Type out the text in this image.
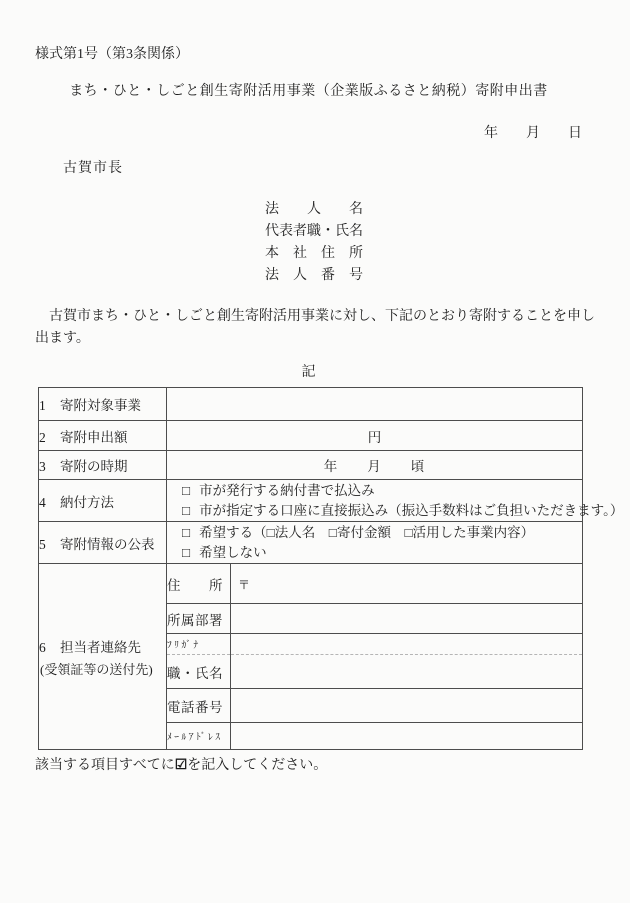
様式第1号（第3条関係）
まち・ひと・しごと創生寄附活用事業（企業版ふるさと納税）寄附申出書
年　　月　　日
古賀市長
法　　人　　名
代表者職・氏名
本　社　住　所
法　人　番　号

　古賀市まち・ひと・しごと創生寄附活用事業に対し、下記のとおり寄附することを申し出ます。

記
1 寄附対象事業		
2 寄附申出額	円	
3 寄附の時期	年　　月　　頃	
4 納付方法	□ 市が発行する納付書で払込み
□ 市が指定する口座に直接振込み（振込手数料はご負担いただきます。）	

5 寄附情報の公表	□ 希望する（□法人名　□寄付金額　□活用した事業内容）
□ 希望しない	

6 担当者連絡先
(受領証等の送付先)	住　　所	〒

	所属部署	
	ﾌﾘｶﾞﾅ	
	職・氏名	
	電話番号	
	ﾒｰﾙｱﾄﾞﾚｽ	
該当する項目すべてに☑を記入してください。
